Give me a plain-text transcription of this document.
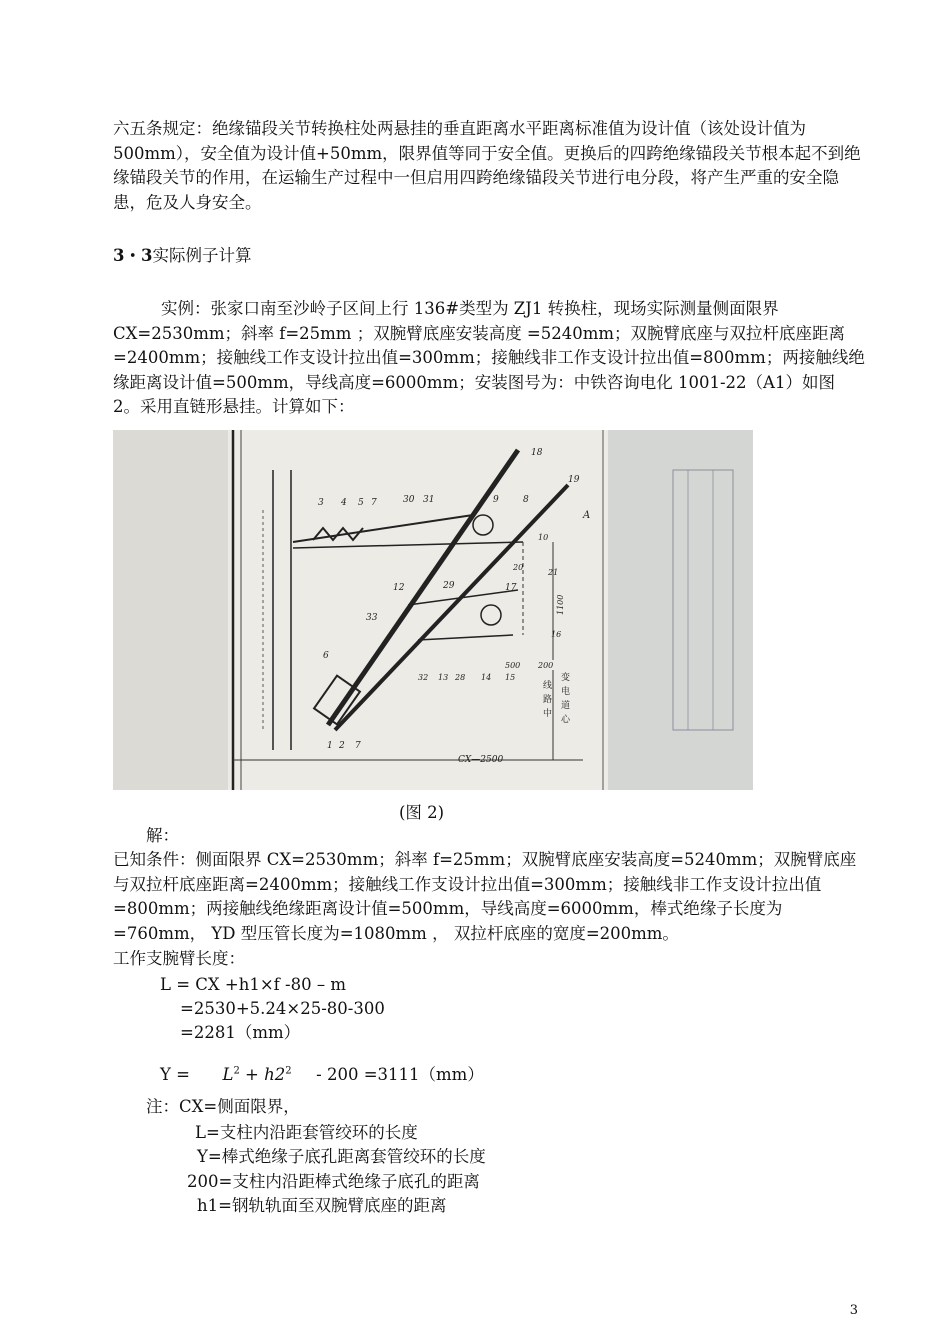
六五条规定：绝缘锚段关节转换柱处两悬挂的垂直距离水平距离标准值为设计值（该处设计值为 500mm），安全值为设计值+50mm，限界值等同于安全值。更换后的四跨绝缘锚段关节根本起不到绝缘锚段关节的作用，在运输生产过程中一但启用四跨绝缘锚段关节进行电分段，将产生严重的安全隐患，危及人身安全。

3・3实际例子计算

实例：张家口南至沙岭子区间上行 136#类型为 ZJ1 转换柱，现场实际测量侧面限界 CX=2530mm；斜率 f=25mm ；双腕臂底座安装高度 =5240mm；双腕臂底座与双拉杆底座距离=2400mm；接触线工作支设计拉出值=300mm；接触线非工作支设计拉出值=800mm；两接触线绝缘距离设计值=500mm，导线高度=6000mm；安装图号为：中铁咨询电化 1001-22（A1）如图 2。采用直链形悬挂。计算如下：

18
19
3 4 5 7	30 31	9	8
A
10
12	29	17
20
21
33
1100
6
16
32 13 28 14
500 200
15
1 2 7
CX—2500
线
路
中
变
电
道
心
(图 2)
解：

已知条件：侧面限界 CX=2530mm；斜率 f=25mm；双腕臂底座安装高度=5240mm；双腕臂底座与双拉杆底座距离=2400mm；接触线工作支设计拉出值=300mm；接触线非工作支设计拉出值=800mm；两接触线绝缘距离设计值=500mm，导线高度=6000mm，棒式绝缘子长度为=760mm， YD 型压管长度为=1080mm ， 双拉杆底座的宽度=200mm。

工作支腕臂长度：
L = CX +h1×f -80 – m
=2530+5.24×25-80-300
=2281（mm）
$Y = L^2 + h2^2 - 200 =3111(mm)$
注：CX=侧面限界，
L=支柱内沿距套管绞环的长度
Y=棒式绝缘子底孔距离套管绞环的长度
200=支柱内沿距棒式绝缘子底孔的距离
h1=钢轨轨面至双腕臂底座的距离
3
